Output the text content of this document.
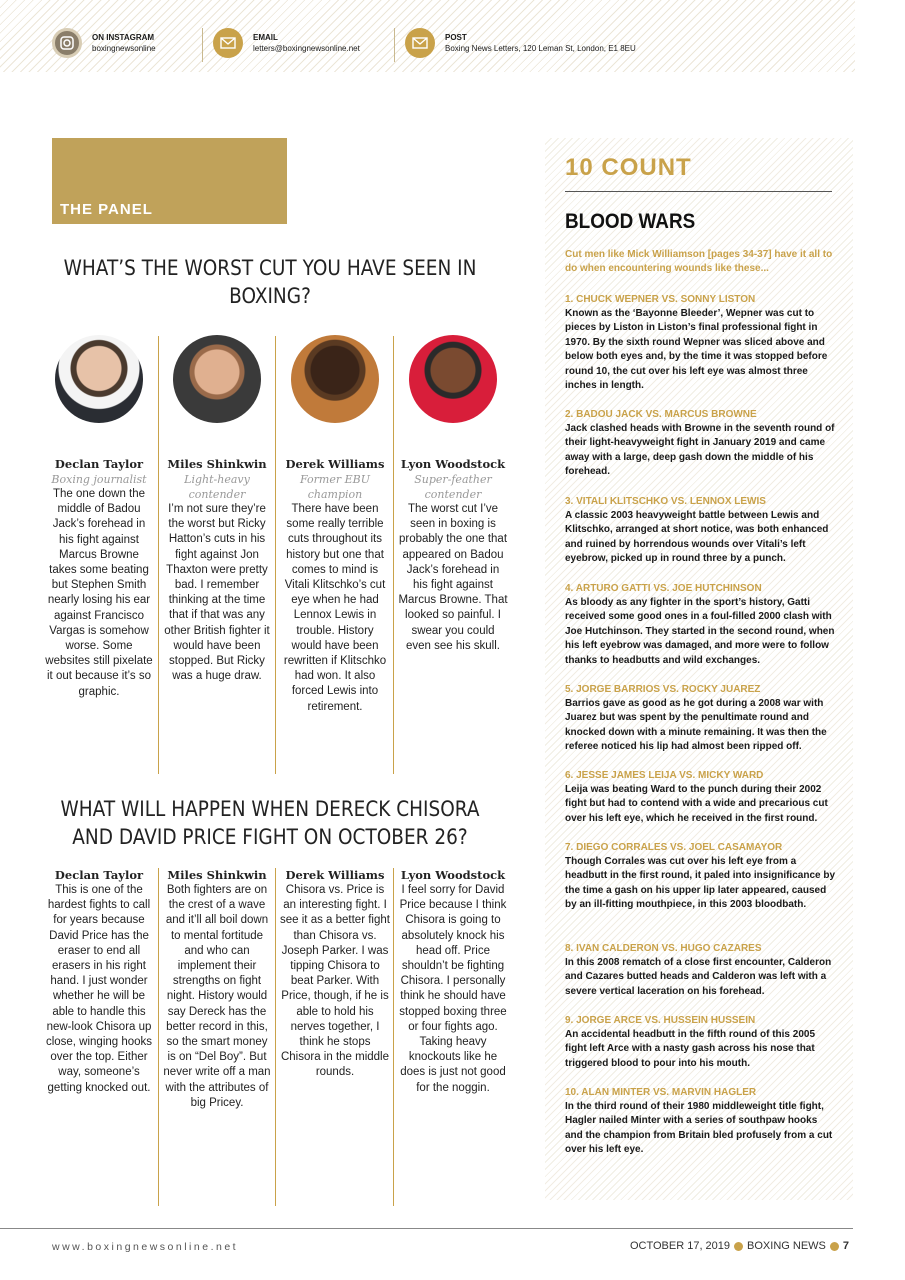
ON INSTAGRAM
boxingnewsonline
EMAIL
letters@boxingnewsonline.net
POST
Boxing News Letters, 120 Leman St, London, E1 8EU
THE PANEL
WHAT’S THE WORST CUT YOU HAVE SEEN IN BOXING?
Declan Taylor
Boxing journalist
The one down the middle of Badou Jack’s forehead in his fight against Marcus Browne takes some beating but Stephen Smith nearly losing his ear against Francisco Vargas is somehow worse. Some websites still pixelate it out because it’s so graphic.
Miles Shinkwin
Light-heavy contender
I’m not sure they’re the worst but Ricky Hatton’s cuts in his fight against Jon Thaxton were pretty bad. I remember thinking at the time that if that was any other British fighter it would have been stopped. But Ricky was a huge draw.
Derek Williams
Former EBU champion
There have been some really terrible cuts throughout its history but one that comes to mind is Vitali Klitschko’s cut eye when he had Lennox Lewis in trouble. History would have been rewritten if Klitschko had won. It also forced Lewis into retirement.
Lyon Woodstock
Super-feather contender
The worst cut I’ve seen in boxing is probably the one that appeared on Badou Jack’s forehead in his fight against Marcus Browne. That looked so painful. I swear you could even see his skull.
WHAT WILL HAPPEN WHEN DERECK CHISORA AND DAVID PRICE FIGHT ON OCTOBER 26?
Declan Taylor
This is one of the hardest fights to call for years because David Price has the eraser to end all erasers in his right hand. I just wonder whether he will be able to handle this new-look Chisora up close, winging hooks over the top. Either way, someone’s getting knocked out.
Miles Shinkwin
Both fighters are on the crest of a wave and it’ll all boil down to mental fortitude and who can implement their strengths on fight night. History would say Dereck has the better record in this, so the smart money is on “Del Boy”. But never write off a man with the attributes of big Pricey.
Derek Williams
Chisora vs. Price is an interesting fight. I see it as a better fight than Chisora vs. Joseph Parker. I was tipping Chisora to beat Parker. With Price, though, if he is able to hold his nerves together, I think he stops Chisora in the middle rounds.
Lyon Woodstock
I feel sorry for David Price because I think Chisora is going to absolutely knock his head off. Price shouldn’t be fighting Chisora. I personally think he should have stopped boxing three or four fights ago. Taking heavy knockouts like he does is just not good for the noggin.
10 COUNT
BLOOD WARS
Cut men like Mick Williamson [pages 34-37] have it all to do when encountering wounds like these...
1. CHUCK WEPNER VS. SONNY LISTON
Known as the ‘Bayonne Bleeder’, Wepner was cut to pieces by Liston in Liston’s final professional fight in 1970. By the sixth round Wepner was sliced above and below both eyes and, by the time it was stopped before round 10, the cut over his left eye was almost three inches in length.
2. BADOU JACK VS. MARCUS BROWNE
Jack clashed heads with Browne in the seventh round of their light-heavyweight fight in January 2019 and came away with a large, deep gash down the middle of his forehead.
3. VITALI KLITSCHKO VS. LENNOX LEWIS
A classic 2003 heavyweight battle between Lewis and Klitschko, arranged at short notice, was both enhanced and ruined by horrendous wounds over Vitali’s left eyebrow, picked up in round three by a punch.
4. ARTURO GATTI VS. JOE HUTCHINSON
As bloody as any fighter in the sport’s history, Gatti received some good ones in a foul-filled 2000 clash with Joe Hutchinson. They started in the second round, when his left eyebrow was damaged, and more were to follow thanks to headbutts and wild exchanges.
5. JORGE BARRIOS VS. ROCKY JUAREZ
Barrios gave as good as he got during a 2008 war with Juarez but was spent by the penultimate round and knocked down with a minute remaining. It was then the referee noticed his lip had almost been ripped off.
6. JESSE JAMES LEIJA VS. MICKY WARD
Leija was beating Ward to the punch during their 2002 fight but had to contend with a wide and precarious cut over his left eye, which he received in the first round.
7. DIEGO CORRALES VS. JOEL CASAMAYOR
Though Corrales was cut over his left eye from a headbutt in the first round, it paled into insignificance by the time a gash on his upper lip later appeared, caused by an ill-fitting mouthpiece, in this 2003 bloodbath.
8. IVAN CALDERON VS. HUGO CAZARES
In this 2008 rematch of a close first encounter, Calderon and Cazares butted heads and Calderon was left with a severe vertical laceration on his forehead.
9. JORGE ARCE VS. HUSSEIN HUSSEIN
An accidental headbutt in the fifth round of this 2005 fight left Arce with a nasty gash across his nose that triggered blood to pour into his mouth.
10. ALAN MINTER VS. MARVIN HAGLER
In the third round of their 1980 middleweight title fight, Hagler nailed Minter with a series of southpaw hooks and the champion from Britain bled profusely from a cut over his left eye.
www.boxingnewsonline.net	OCTOBER 17, 2019 BOXING NEWS 7
